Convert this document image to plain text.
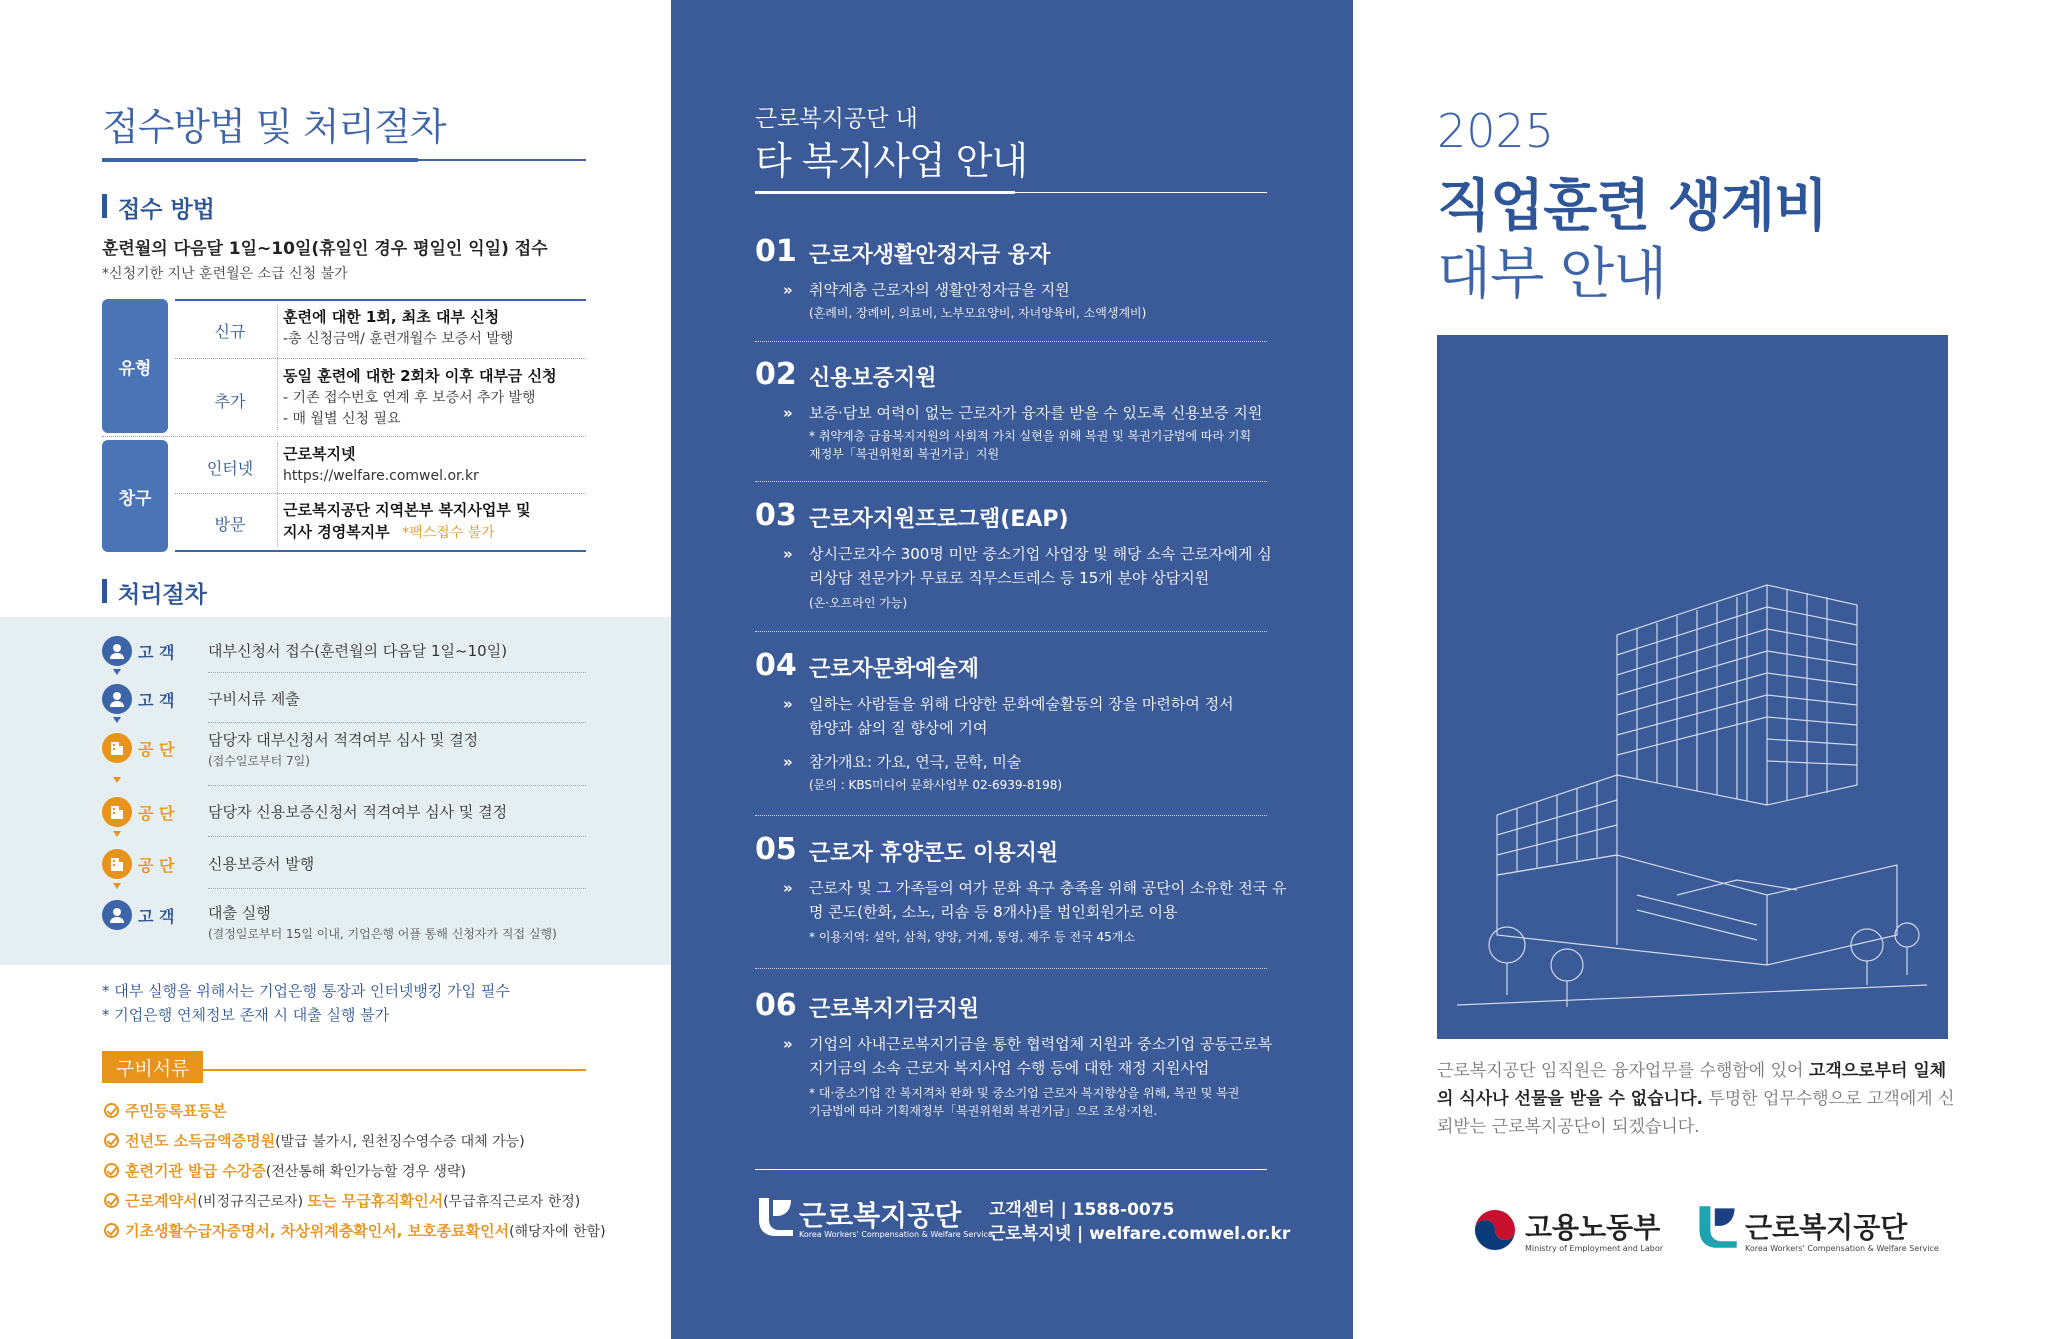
접수방법 및 처리절차
접수 방법
훈련월의 다음달 1일~10일(휴일인 경우 평일인 익일) 접수
*신청기한 지난 훈련월은 소급 신청 불가
유형
창구
신규
훈련에 대한 1회, 최초 대부 신청
-총 신청금액/ 훈련개월수 보증서 발행
추가
동일 훈련에 대한 2회차 이후 대부금 신청
- 기존 접수번호 연계 후 보증서 추가 발행
- 매 월별 신청 필요
인터넷
근로복지넷
https://welfare.comwel.or.kr
방문
근로복지공단 지역본부 복지사업부 및
지사 경영복지부 *팩스접수 불가
처리절차
고 객 대부신청서 접수(훈련월의 다음달 1일~10일)
고 객 구비서류 제출
공 단 담당자 대부신청서 적격여부 심사 및 결정
(접수일로부터 7일)
공 단 담당자 신용보증신청서 적격여부 심사 및 결정
공 단 신용보증서 발행
고 객 대출 실행
(결정일로부터 15일 이내, 기업은행 어플 통해 신청자가 직접 실행)
* 대부 실행을 위해서는 기업은행 통장과 인터넷뱅킹 가입 필수
* 기업은행 연체정보 존재 시 대출 실행 불가
구비서류
주민등록표등본
전년도 소득금액증명원(발급 불가시, 원천징수영수증 대체 가능)
훈련기관 발급 수강증(전산통해 확인가능할 경우 생략)
근로계약서(비정규직근로자) 또는 무급휴직확인서(무급휴직근로자 한정)
기초생활수급자증명서, 차상위계층확인서, 보호종료확인서(해당자에 한함)
근로복지공단 내
타 복지사업 안내
01 근로자생활안정자금 융자
» 취약계층 근로자의 생활안정자금을 지원
(혼례비, 장례비, 의료비, 노부모요양비, 자녀양육비, 소액생계비)
02 신용보증지원
» 보증·담보 여력이 없는 근로자가 융자를 받을 수 있도록 신용보증 지원
* 취약계층 금융복지지원의 사회적 가치 실현을 위해 복권 및 복권기금법에 따라 기획
재정부「복권위원회 복권기금」지원
03 근로자지원프로그램(EAP)
» 상시근로자수 300명 미만 중소기업 사업장 및 해당 소속 근로자에게 심
리상담 전문가가 무료로 직무스트레스 등 15개 분야 상담지원
(온·오프라인 가능)
04 근로자문화예술제
» 일하는 사람들을 위해 다양한 문화예술활동의 장을 마련하여 정서
함양과 삶의 질 향상에 기여
» 참가개요: 가요, 연극, 문학, 미술
(문의 : KBS미디어 문화사업부 02-6939-8198)
05 근로자 휴양콘도 이용지원
» 근로자 및 그 가족들의 여가 문화 욕구 충족을 위해 공단이 소유한 전국 유
명 콘도(한화, 소노, 리솜 등 8개사)를 법인회원가로 이용
* 이용지역: 설악, 삼척, 양양, 거제, 통영, 제주 등 전국 45개소
06 근로복지기금지원
» 기업의 사내근로복지기금을 통한 협력업체 지원과 중소기업 공동근로복
지기금의 소속 근로자 복지사업 수행 등에 대한 재정 지원사업
* 대·중소기업 간 복지격차 완화 및 중소기업 근로자 복지향상을 위해, 복권 및 복권
기금법에 따라 기획재정부「복권위원회 복권기금」으로 조성·지원.
근로복지공단
Korea Workers' Compensation & Welfare Service
고객센터 | 1588-0075
근로복지넷 | welfare.comwel.or.kr
2025
직업훈련 생계비
대부 안내
근로복지공단 임직원은 융자업무를 수행함에 있어 고객으로부터 일체의 식사나 선물을 받을 수 없습니다. 투명한 업무수행으로 고객에게 신뢰받는 근로복지공단이 되겠습니다.
고용노동부
Ministry of Employment and Labor
근로복지공단
Korea Workers' Compensation & Welfare Service
